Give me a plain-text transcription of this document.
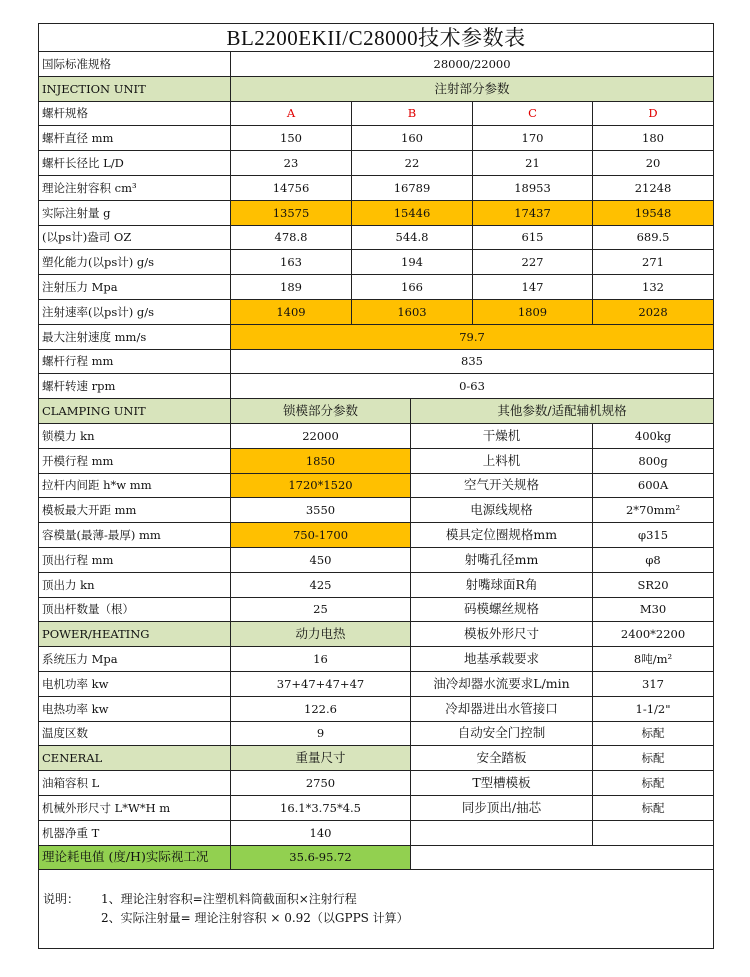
BL2200EKII/C28000技术参数表					
国际标准规格	28000/22000				
INJECTION UNIT	注射部分参数				
螺杆规格	A	B		C	D
螺杆直径 mm	150	160		170	180
螺杆长径比 L/D	23	22		21	20
理论注射容积 cm³	14756	16789		18953	21248
实际注射量 g	13575	15446		17437	19548
(以ps计)盎司 OZ	478.8	544.8		615	689.5
塑化能力(以ps计) g/s	163	194		227	271
注射压力 Mpa	189	166		147	132
注射速率(以ps计) g/s	1409	1603		1809	2028
最大注射速度 mm/s	79.7				
螺杆行程 mm	835				
螺杆转速 rpm	0-63				
CLAMPING UNIT	锁模部分参数		其他参数/适配辅机规格		
锁模力 kn	22000		干燥机		400kg
开模行程 mm	1850		上料机		800g
拉杆内间距 h*w mm	1720*1520		空气开关规格		600A
模板最大开距 mm	3550		电源线规格		2*70mm²
容模量(最薄-最厚) mm	750-1700		模具定位圈规格mm		φ315
顶出行程 mm	450		射嘴孔径mm		φ8
顶出力 kn	425		射嘴球面R角		SR20
顶出杆数量（根）	25		码模螺丝规格		M30
POWER/HEATING	动力电热		模板外形尺寸		2400*2200
系统压力 Mpa	16		地基承载要求		8吨/m²
电机功率 kw	37+47+47+47		油冷却器水流要求L/min		317
电热功率 kw	122.6		冷却器进出水管接口		1-1/2"
温度区数	9		自动安全门控制		标配
CENERAL	重量尺寸		安全踏板		标配
油箱容积 L	2750		T型槽模板		标配
机械外形尺寸 L*W*H m	16.1*3.75*4.5		同步顶出/抽芯		标配
机器净重 T	140				
理论耗电值 (度/H)实际视工况	35.6-95.72				

说明： 1、理论注射容积=注塑机料筒截面积×注射行程
2、实际注射量= 理论注射容积 × 0.92（以GPPS 计算）					
